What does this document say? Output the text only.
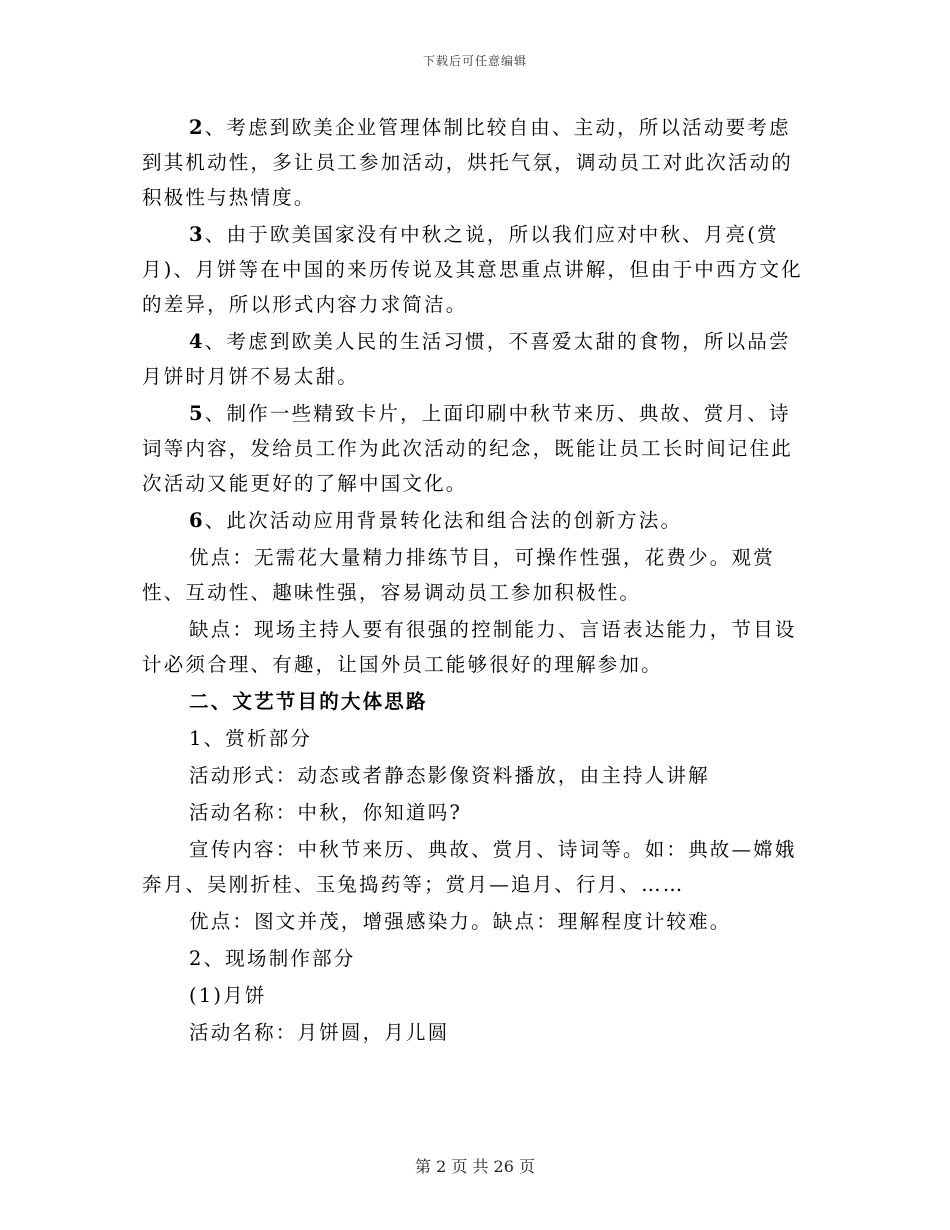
下载后可任意编辑

2、考虑到欧美企业管理体制比较自由、主动，所以活动要考虑到其机动性，多让员工参加活动，烘托气氛，调动员工对此次活动的积极性与热情度。

3、由于欧美国家没有中秋之说，所以我们应对中秋、月亮(赏月)、月饼等在中国的来历传说及其意思重点讲解，但由于中西方文化的差异，所以形式内容力求简洁。

4、考虑到欧美人民的生活习惯，不喜爱太甜的食物，所以品尝月饼时月饼不易太甜。

5、制作一些精致卡片，上面印刷中秋节来历、典故、赏月、诗词等内容，发给员工作为此次活动的纪念，既能让员工长时间记住此次活动又能更好的了解中国文化。

6、此次活动应用背景转化法和组合法的创新方法。

优点：无需花大量精力排练节目，可操作性强，花费少。观赏性、互动性、趣味性强，容易调动员工参加积极性。

缺点：现场主持人要有很强的控制能力、言语表达能力，节目设计必须合理、有趣，让国外员工能够很好的理解参加。

二、文艺节目的大体思路

1、赏析部分

活动形式：动态或者静态影像资料播放，由主持人讲解

活动名称：中秋，你知道吗?

宣传内容：中秋节来历、典故、赏月、诗词等。如：典故—嫦娥奔月、吴刚折桂、玉兔捣药等；赏月—追月、行月、……

优点：图文并茂，增强感染力。缺点：理解程度计较难。

2、现场制作部分

(1)月饼

活动名称：月饼圆，月儿圆

第 2 页 共 26 页
